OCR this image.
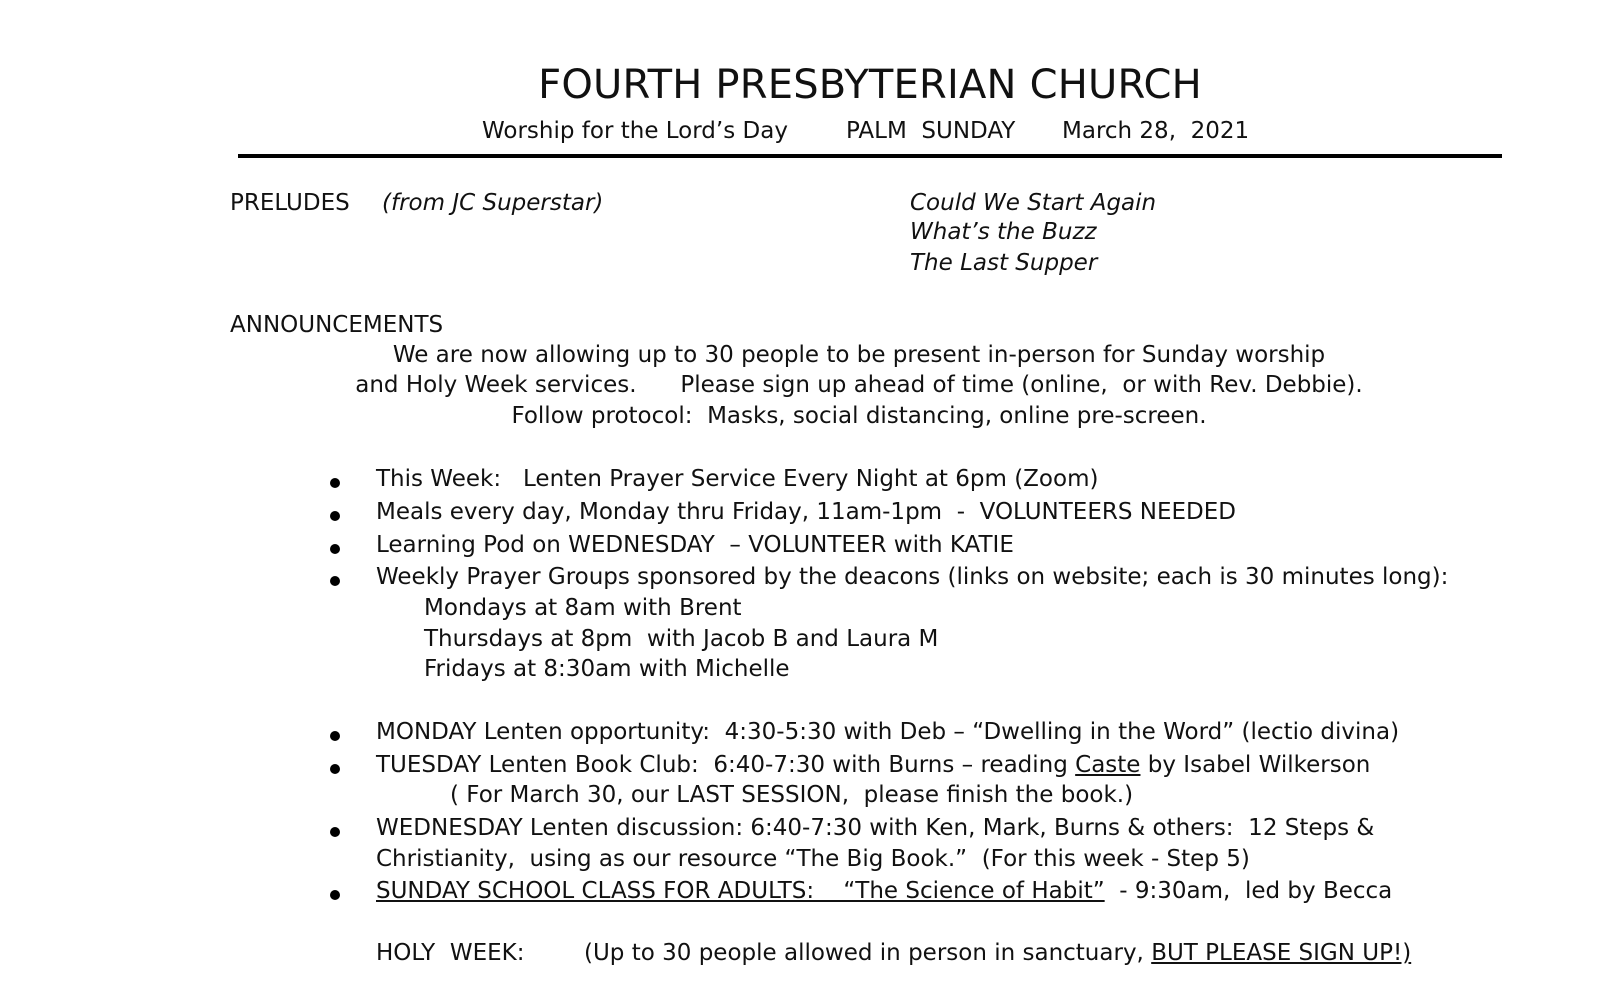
FOURTH PRESBYTERIAN CHURCH
Worship for the Lord’s Day	PALM  SUNDAY March 28,  2021
PRELUDES (from JC Superstar)	Could We Start Again
What’s the Buzz
The Last Supper
ANNOUNCEMENTS
We are now allowing up to 30 people to be present in-person for Sunday worship
and Holy Week services.      Please sign up ahead of time (online,  or with Rev. Debbie).
Follow protocol:  Masks, social distancing, online pre-screen.
This Week:   Lenten Prayer Service Every Night at 6pm (Zoom)
Meals every day, Monday thru Friday, 11am-1pm  -  VOLUNTEERS NEEDED
Learning Pod on WEDNESDAY  – VOLUNTEER with KATIE
Weekly Prayer Groups sponsored by the deacons (links on website; each is 30 minutes long):
Mondays at 8am with Brent
Thursdays at 8pm  with Jacob B and Laura M
Fridays at 8:30am with Michelle
MONDAY Lenten opportunity:  4:30-5:30 with Deb – “Dwelling in the Word” (lectio divina)
TUESDAY Lenten Book Club:  6:40-7:30 with Burns – reading Caste by Isabel Wilkerson
( For March 30, our LAST SESSION,  please finish the book.)
WEDNESDAY Lenten discussion: 6:40-7:30 with Ken, Mark, Burns & others:  12 Steps &
Christianity,  using as our resource “The Big Book.”  (For this week - Step 5)
SUNDAY SCHOOL CLASS FOR ADULTS:    “The Science of Habit”  - 9:30am,  led by Becca
HOLY  WEEK:	(Up to 30 people allowed in person in sanctuary, BUT PLEASE SIGN UP!)
